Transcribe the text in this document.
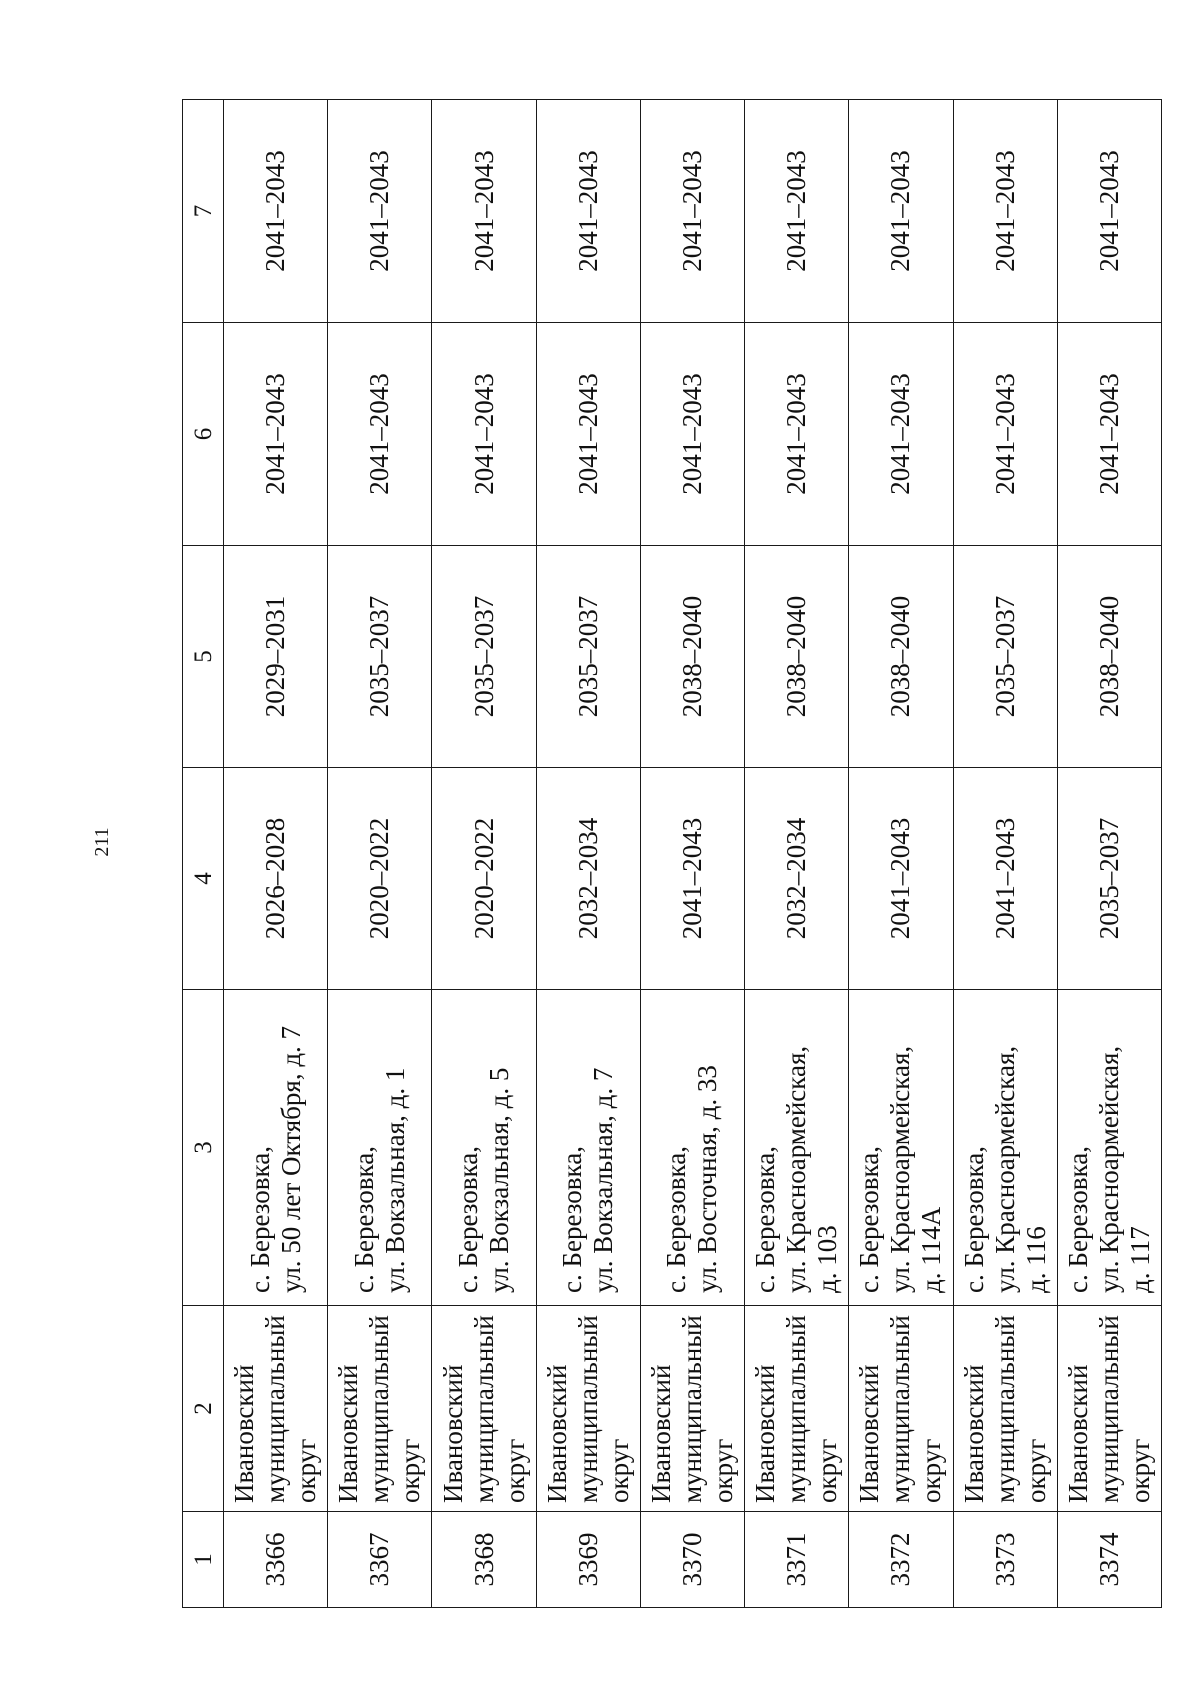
211
1	2	3	4	5	6	7
3366	Ивановский муниципальный округ	с. Березовка, ул. 50 лет Октября, д. 7	2026–2028	2029–2031	2041–2043	2041–2043
3367	Ивановский муниципальный округ	с. Березовка, ул. Вокзальная, д. 1	2020–2022	2035–2037	2041–2043	2041–2043
3368	Ивановский муниципальный округ	с. Березовка, ул. Вокзальная, д. 5	2020–2022	2035–2037	2041–2043	2041–2043
3369	Ивановский муниципальный округ	с. Березовка, ул. Вокзальная, д. 7	2032–2034	2035–2037	2041–2043	2041–2043
3370	Ивановский муниципальный округ	с. Березовка, ул. Восточная, д. 33	2041–2043	2038–2040	2041–2043	2041–2043
3371	Ивановский муниципальный округ	с. Березовка, ул. Красноармейская, д. 103	2032–2034	2038–2040	2041–2043	2041–2043
3372	Ивановский муниципальный округ	с. Березовка, ул. Красноармейская, д. 114А	2041–2043	2038–2040	2041–2043	2041–2043
3373	Ивановский муниципальный округ	с. Березовка, ул. Красноармейская, д. 116	2041–2043	2035–2037	2041–2043	2041–2043
3374	Ивановский муниципальный округ	с. Березовка, ул. Красноармейская, д. 117	2035–2037	2038–2040	2041–2043	2041–2043
